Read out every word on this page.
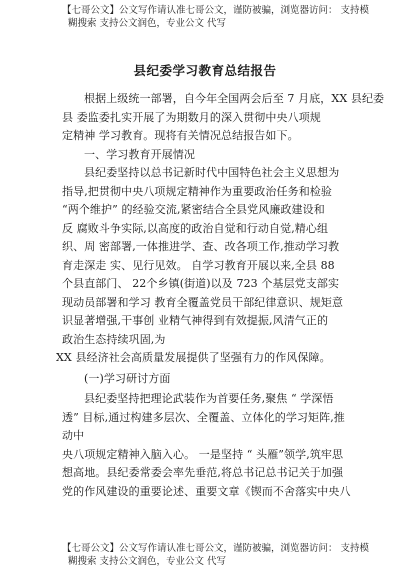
【七哥公文】公文写作请认准七哥公文，谨防被骗，浏览器访问： 支持模
糊搜索 支持公文润色，专业公文 代写
县纪委学习教育总结报告
根据上级统一部署，自今年全国两会后至 7 月底，XX 县纪委
县 委监委扎实开展了为期数月的深入贯彻中央八项规
定精神 学习教育。现将有关情况总结报告如下。
一、学习教育开展情况
县纪委坚持以总书记新时代中国特色社会主义思想为
指导,把贯彻中央八项规定精神作为重要政治任务和检验
“两个维护” 的经验交流,紧密结合全县党风廉政建设和
反 腐败斗争实际,以高度的政治自觉和行动自觉,精心组
织、周 密部署,一体推进学、查、改各项工作,推动学习教
育走深走 实、见行见效。 自学习教育开展以来,全县 88
个县直部门、 22个乡镇(街道)以及 723 个基层党支部实
现动员部署和学习 教育全覆盖党员干部纪律意识、规矩意
识显著增强,干事创 业精气神得到有效提振,风清气正的
政治生态持续巩固,为
XX 县经济社会高质量发展提供了坚强有力的作风保障。
(一)学习研讨方面
县纪委坚持把理论武装作为首要任务,聚焦 “ 学深悟
透” 目标,通过构建多层次、全覆盖、立体化的学习矩阵,推
动中
央八项规定精神入脑入心。 一是坚持 “ 头雁”领学,筑牢思
想高地。县纪委常委会率先垂范,将总书记总书记关于加强
党的作风建设的重要论述、重要文章《锲而不舍落实中央八
【七哥公文】公文写作请认准七哥公文，谨防被骗，浏览器访问： 支持模
糊搜索 支持公文润色，专业公文 代写
